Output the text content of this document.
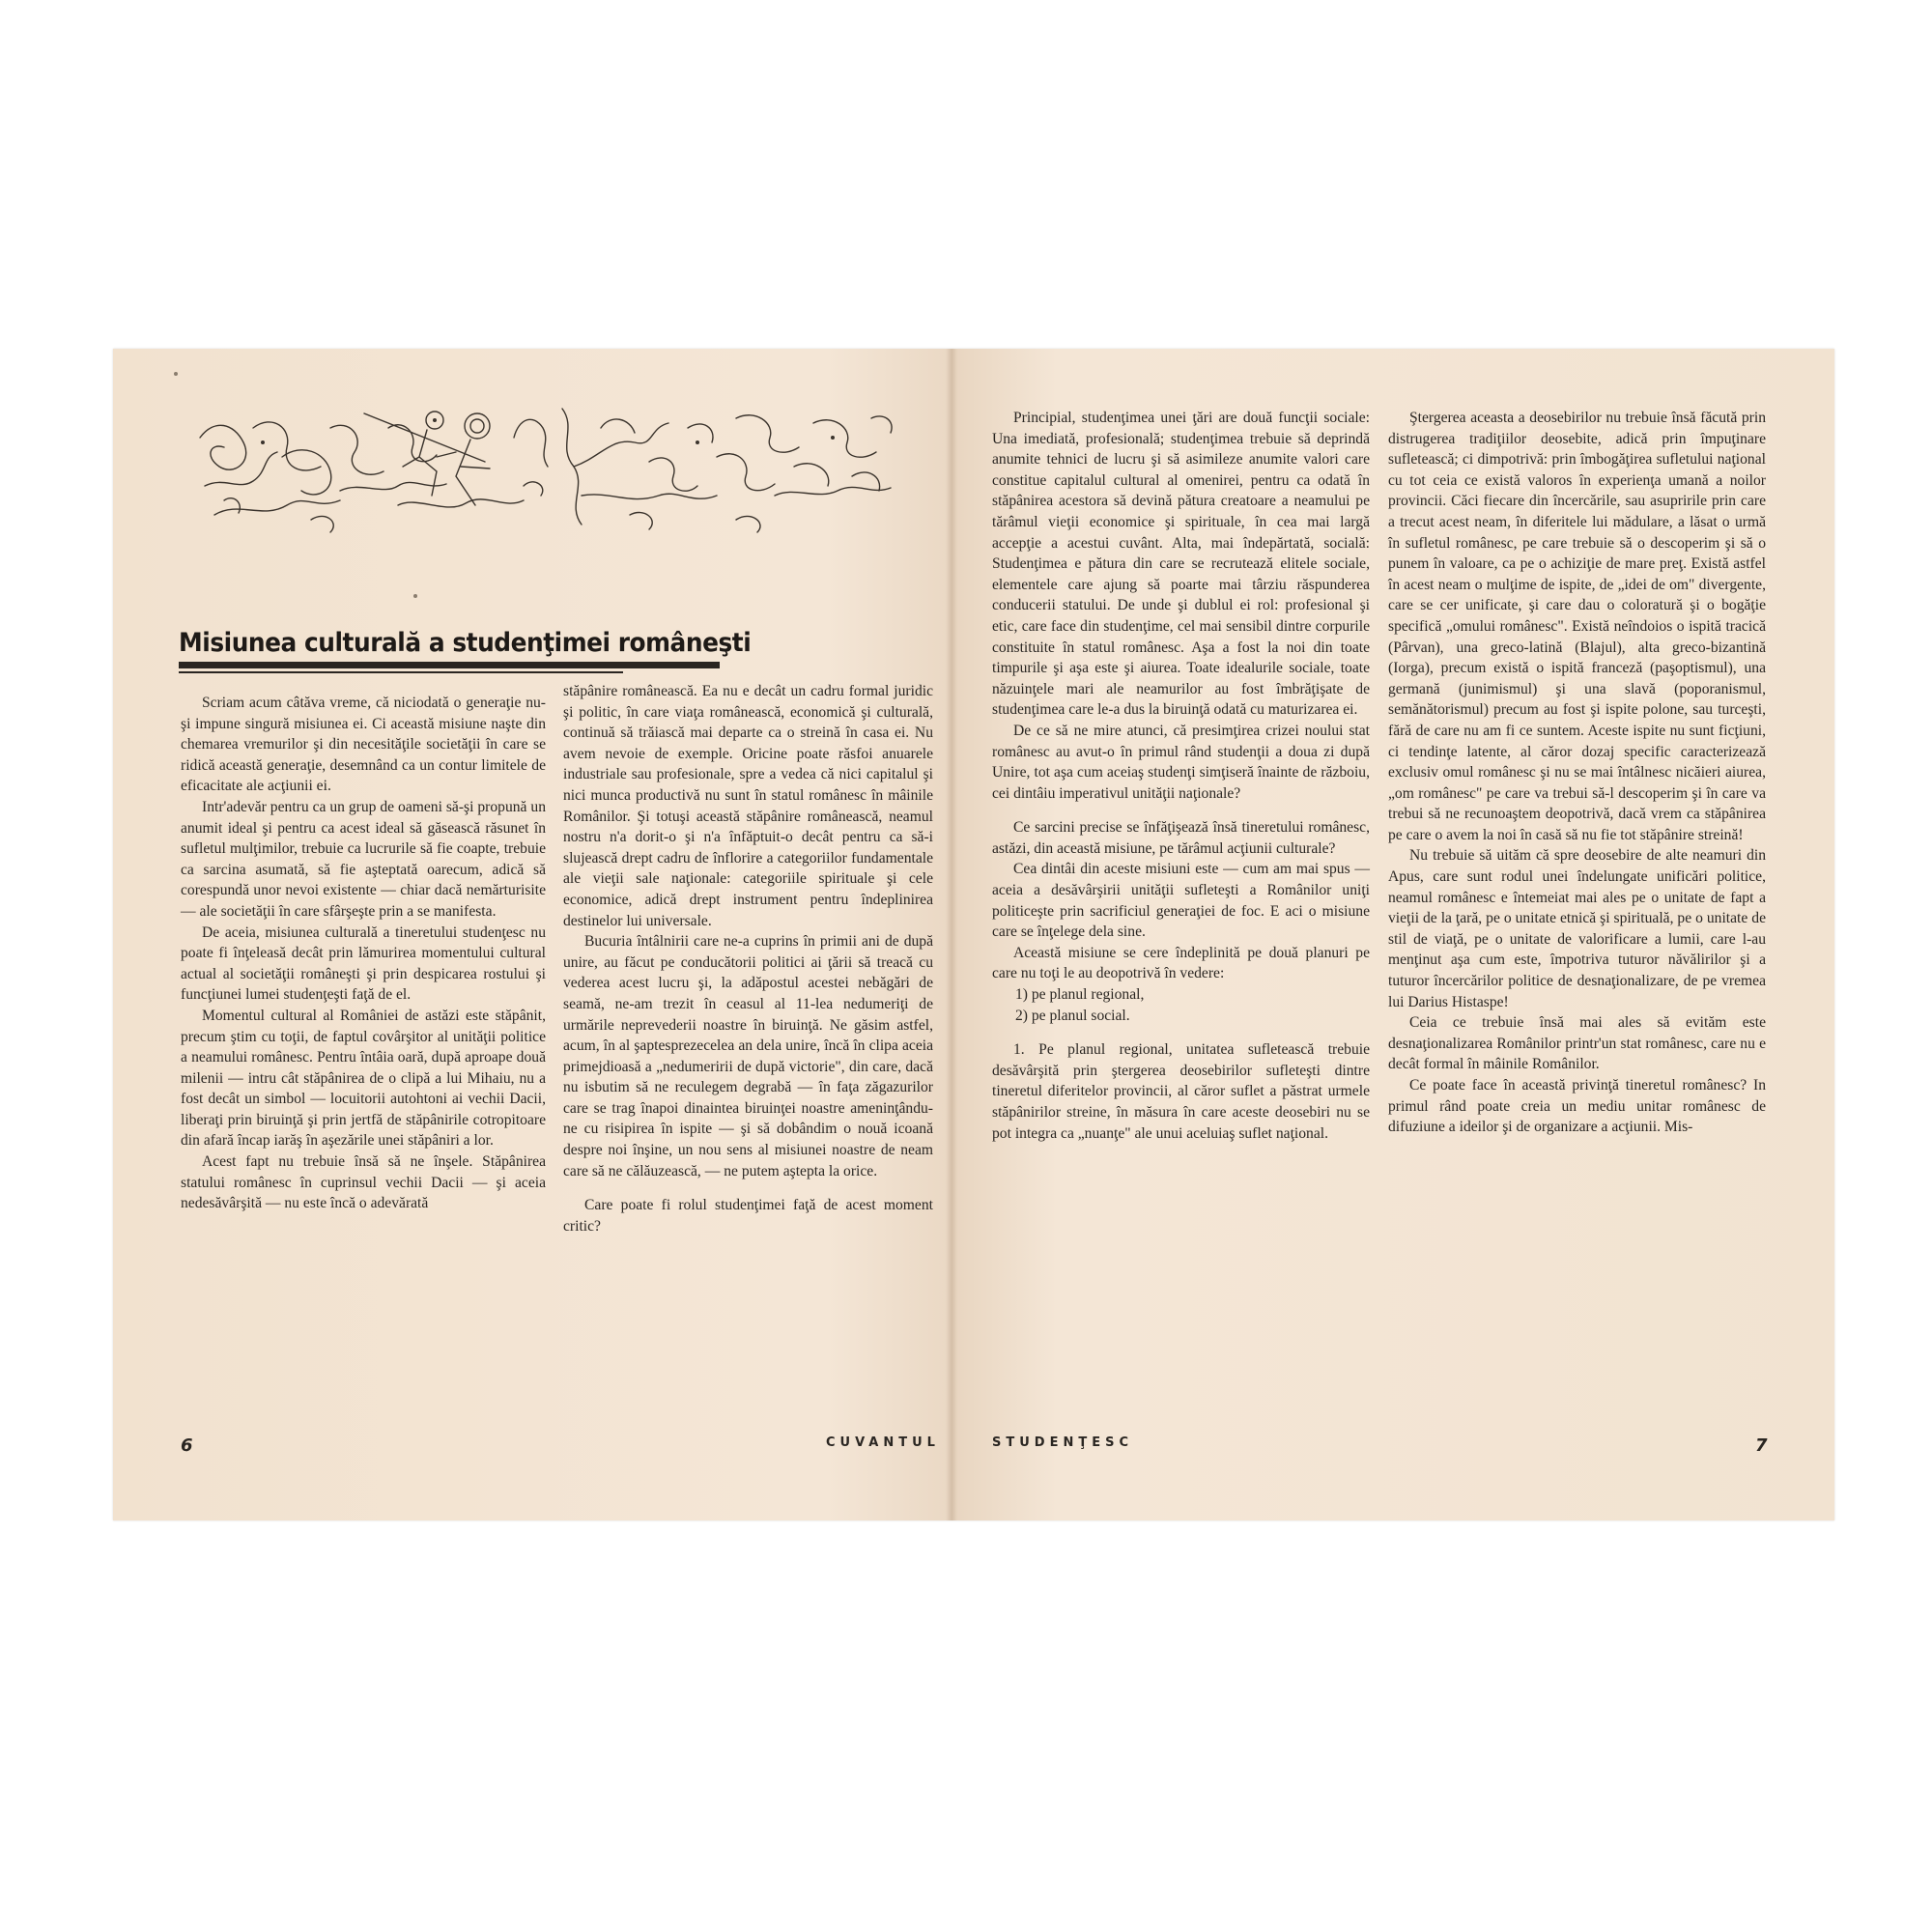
Misiunea culturală a studenţimei româneşti

Scriam acum câtăva vreme, că niciodată o generaţie nu-şi impune singură misiunea ei. Ci această misiune naşte din chemarea vremurilor şi din necesităţile societăţii în care se ridică această generaţie, desemnând ca un contur limitele de eficacitate ale acţiunii ei.

Intr'adevăr pentru ca un grup de oameni să-şi propună un anumit ideal şi pentru ca acest ideal să găsească răsunet în sufletul mulţimilor, trebuie ca lucrurile să fie coapte, trebuie ca sarcina asumată, să fie aşteptată oarecum, adică să corespundă unor nevoi existente — chiar dacă nemărturisite — ale societăţii în care sfârşeşte prin a se manifesta.

De aceia, misiunea culturală a tineretului studenţesc nu poate fi înţeleasă decât prin lămurirea momentului cultural actual al societăţii româneşti şi prin despicarea rostului şi funcţiunei lumei studenţeşti faţă de el.

Momentul cultural al României de astăzi este stăpânit, precum ştim cu toţii, de faptul covârşitor al unităţii politice a neamului românesc. Pentru întâia oară, după aproape două milenii — intru cât stăpânirea de o clipă a lui Mihaiu, nu a fost decât un simbol — locuitorii autohtoni ai vechii Dacii, liberaţi prin biruinţă şi prin jertfă de stăpânirile cotropitoare din afară încap iarăş în aşezările unei stăpâniri a lor.

Acest fapt nu trebuie însă să ne înşele. Stăpânirea statului românesc în cuprinsul vechii Dacii — şi aceia nedesăvârşită — nu este încă o adevărată

stăpânire românească. Ea nu e decât un cadru formal juridic şi politic, în care viaţa românească, economică şi culturală, continuă să trăiască mai departe ca o streină în casa ei. Nu avem nevoie de exemple. Oricine poate răsfoi anuarele industriale sau profesionale, spre a vedea că nici capitalul şi nici munca productivă nu sunt în statul românesc în mâinile Românilor. Şi totuşi această stăpânire românească, neamul nostru n'a dorit-o şi n'a înfăptuit-o decât pentru ca să-i slujească drept cadru de înflorire a categoriilor fundamentale ale vieţii sale naţionale: categoriile spirituale şi cele economice, adică drept instrument pentru îndeplinirea destinelor lui universale.

Bucuria întâlnirii care ne-a cuprins în primii ani de după unire, au făcut pe conducătorii politici ai ţării să treacă cu vederea acest lucru şi, la adăpostul acestei nebăgări de seamă, ne-am trezit în ceasul al 11-lea nedumeriţi de urmările neprevederii noastre în biruinţă. Ne găsim astfel, acum, în al şaptesprezecelea an dela unire, încă în clipa aceia primejdioasă a „nedumeririi de după victorie", din care, dacă nu isbutim să ne reculegem degrabă — în faţa zăgazurilor care se trag înapoi dinaintea biruinţei noastre ameninţându-ne cu risipirea în ispite — şi să dobândim o nouă icoană despre noi înşine, un nou sens al misiunei noastre de neam care să ne călăuzească, — ne putem aştepta la orice.

Care poate fi rolul studenţimei faţă de acest moment critic?

6	CUVANTUL

Principial, studenţimea unei ţări are două funcţii sociale: Una imediată, profesională; studenţimea trebuie să deprindă anumite tehnici de lucru şi să asimileze anumite valori care constitue capitalul cultural al omenirei, pentru ca odată în stăpânirea acestora să devină pătura creatoare a neamului pe tărâmul vieţii economice şi spirituale, în cea mai largă accepţie a acestui cuvânt. Alta, mai îndepărtată, socială: Studenţimea e pătura din care se recrutează elitele sociale, elementele care ajung să poarte mai târziu răspunderea conducerii statului. De unde şi dublul ei rol: profesional şi etic, care face din studenţime, cel mai sensibil dintre corpurile constituite în statul românesc. Aşa a fost la noi din toate timpurile şi aşa este şi aiurea. Toate idealurile sociale, toate năzuinţele mari ale neamurilor au fost îmbrăţişate de studenţimea care le-a dus la biruinţă odată cu maturizarea ei.

De ce să ne mire atunci, că presimţirea crizei noului stat românesc au avut-o în primul rând studenţii a doua zi după Unire, tot aşa cum aceiaş studenţi simţiseră înainte de războiu, cei dintâiu imperativul unităţii naţionale?

Ce sarcini precise se înfăţişează însă tineretului românesc, astăzi, din această misiune, pe tărâmul acţiunii culturale?

Cea dintâi din aceste misiuni este — cum am mai spus — aceia a desăvârşirii unităţii sufleteşti a Românilor uniţi politiceşte prin sacrificiul generaţiei de foc. E aci o misiune care se înţelege dela sine.

Această misiune se cere îndeplinită pe două planuri pe care nu toţi le au deopotrivă în vedere:

1) pe planul regional,

2) pe planul social.

1. Pe planul regional, unitatea sufletească trebuie desăvârşită prin ştergerea deosebirilor sufleteşti dintre tineretul diferitelor provincii, al căror suflet a păstrat urmele stăpânirilor streine, în măsura în care aceste deosebiri nu se pot integra ca „nuanţe" ale unui aceluiaş suflet naţional.

Ştergerea aceasta a deosebirilor nu trebuie însă făcută prin distrugerea tradiţiilor deosebite, adică prin împuţinare sufletească; ci dimpotrivă: prin îmbogăţirea sufletului naţional cu tot ceia ce există valoros în experienţa umană a noilor provincii. Căci fiecare din încercările, sau asupririle prin care a trecut acest neam, în diferitele lui mădulare, a lăsat o urmă în sufletul românesc, pe care trebuie să o descoperim şi să o punem în valoare, ca pe o achiziţie de mare preţ. Există astfel în acest neam o mulţime de ispite, de „idei de om" divergente, care se cer unificate, şi care dau o coloratură şi o bogăţie specifică „omului românesc". Există neîndoios o ispită tracică (Pârvan), una greco-latină (Blajul), alta greco-bizantină (Iorga), precum există o ispită franceză (paşoptismul), una germană (junimismul) şi una slavă (poporanismul, semănătorismul) precum au fost şi ispite polone, sau turceşti, fără de care nu am fi ce suntem. Aceste ispite nu sunt ficţiuni, ci tendinţe latente, al căror dozaj specific caracterizează exclusiv omul românesc şi nu se mai întâlnesc nicăieri aiurea, „om românesc" pe care va trebui să-l descoperim şi în care va trebui să ne recunoaştem deopotrivă, dacă vrem ca stăpânirea pe care o avem la noi în casă să nu fie tot stăpânire streină!

Nu trebuie să uităm că spre deosebire de alte neamuri din Apus, care sunt rodul unei îndelungate unificări politice, neamul românesc e întemeiat mai ales pe o unitate de fapt a vieţii de la ţară, pe o unitate etnică şi spirituală, pe o unitate de stil de viaţă, pe o unitate de valorificare a lumii, care l-au menţinut aşa cum este, împotriva tuturor năvălirilor şi a tuturor încercărilor politice de desnaţionalizare, de pe vremea lui Darius Histaspe!

Ceia ce trebuie însă mai ales să evităm este desnaţionalizarea Românilor printr'un stat românesc, care nu e decât formal în mâinile Românilor.

Ce poate face în această privinţă tineretul românesc? In primul rând poate creia un mediu unitar românesc de difuziune a ideilor şi de organizare a acţiunii. Mis-

STUDENŢESC	7
